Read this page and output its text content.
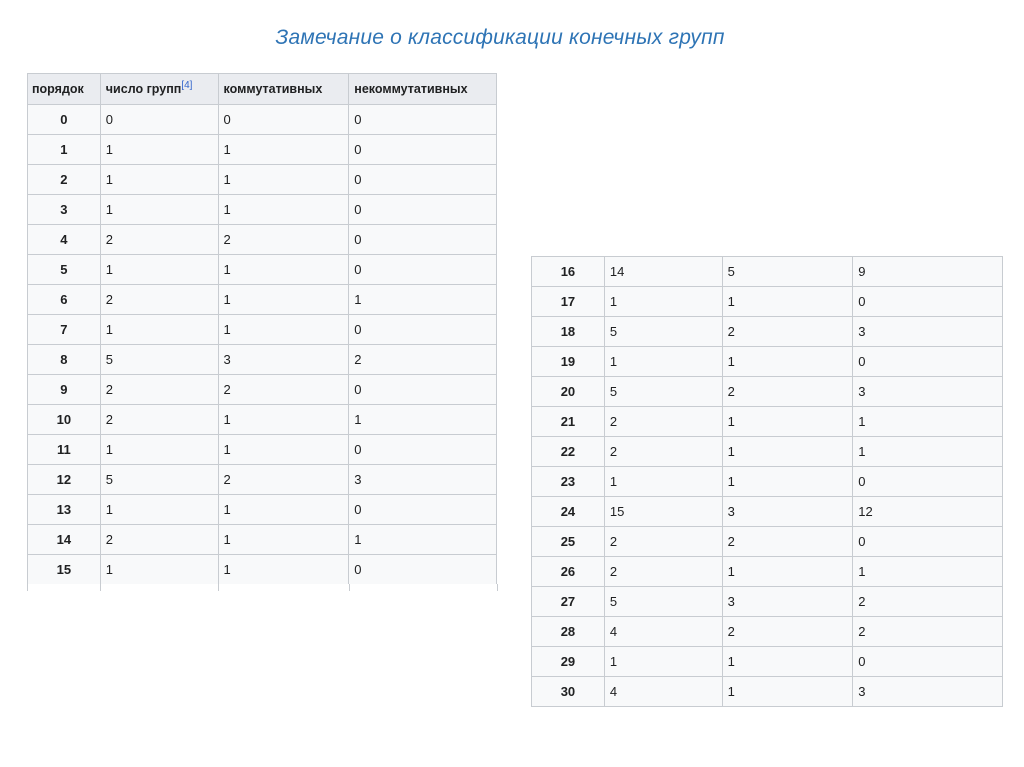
Замечание о классификации конечных групп
порядок	число групп[4]	коммутативных	некоммутативных
0	0	0	0
1	1	1	0
2	1	1	0
3	1	1	0
4	2	2	0
5	1	1	0
6	2	1	1
7	1	1	0
8	5	3	2
9	2	2	0
10	2	1	1
11	1	1	0
12	5	2	3
13	1	1	0
14	2	1	1
15	1	1	0
16	14	5	9
17	1	1	0
18	5	2	3
19	1	1	0
20	5	2	3
21	2	1	1
22	2	1	1
23	1	1	0
24	15	3	12
25	2	2	0
26	2	1	1
27	5	3	2
28	4	2	2
29	1	1	0
30	4	1	3
